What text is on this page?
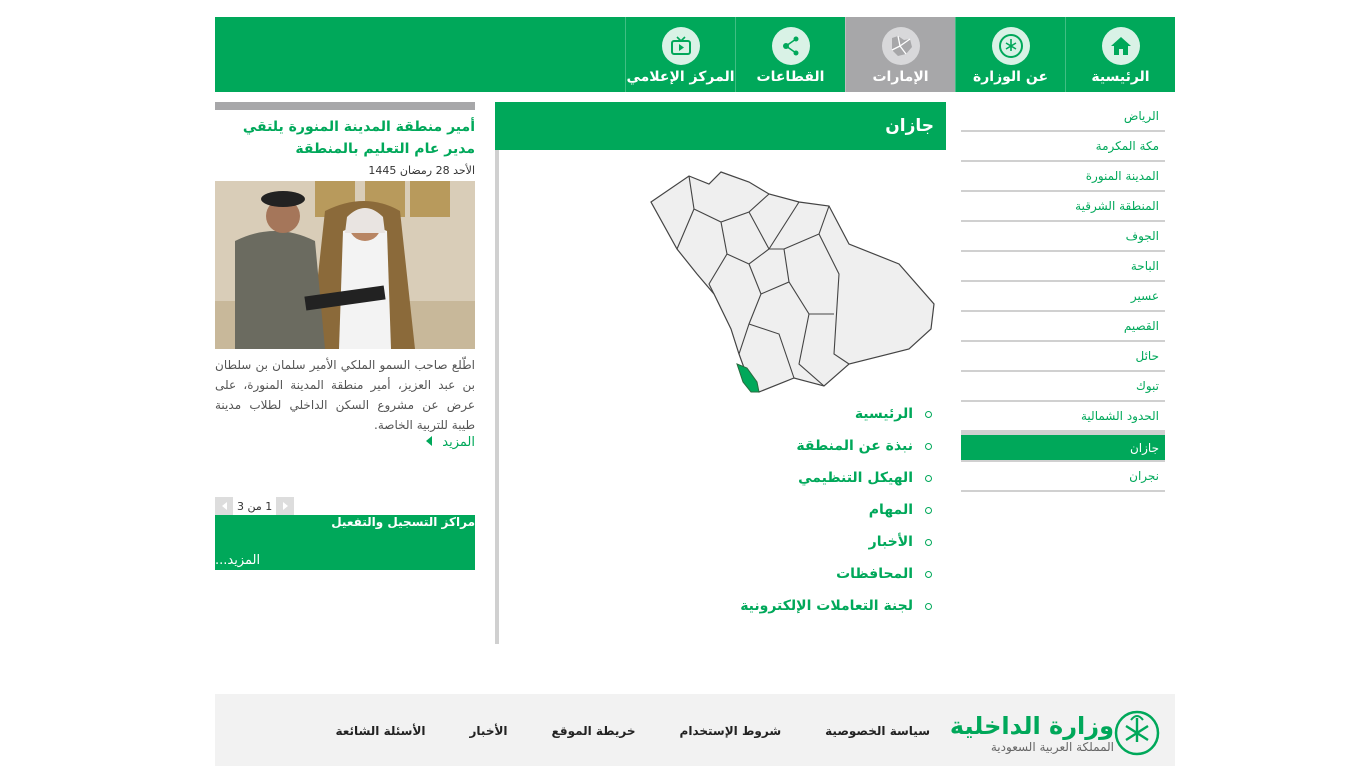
الرئيسية
عن الوزارة
الإمارات
القطاعات
المركز الإعلامي
الرياض
مكة المكرمة
المدينة المنورة
المنطقة الشرقية
الجوف
الباحة
عسير
القصيم
حائل
تبوك
الحدود الشمالية
جازان
نجران
جازان
الرئيسية
نبذة عن المنطقة
الهيكل التنظيمي
المهام
الأخبار
المحافظات
لجنة التعاملات الإلكترونية
أمير منطقة المدينة المنورة يلتقي مدير عام التعليم بالمنطقة
الأحد 28 رمضان 1445
اطّلع صاحب السمو الملكي الأمير سلمان بن سلطان بن عبد العزيز، أمير منطقة المدينة المنورة، على عرض عن مشروع السكن الداخلي لطلاب مدينة طيبة للتربية الخاصة.
المزيد
1 من 3
مراكز التسجيل والتفعيل
المزيد...
وزارة الداخلية
المملكة العربية السعودية
سياسة الخصوصية
شروط الإستخدام
خريطة الموقع
الأخبار
الأسئلة الشائعة
